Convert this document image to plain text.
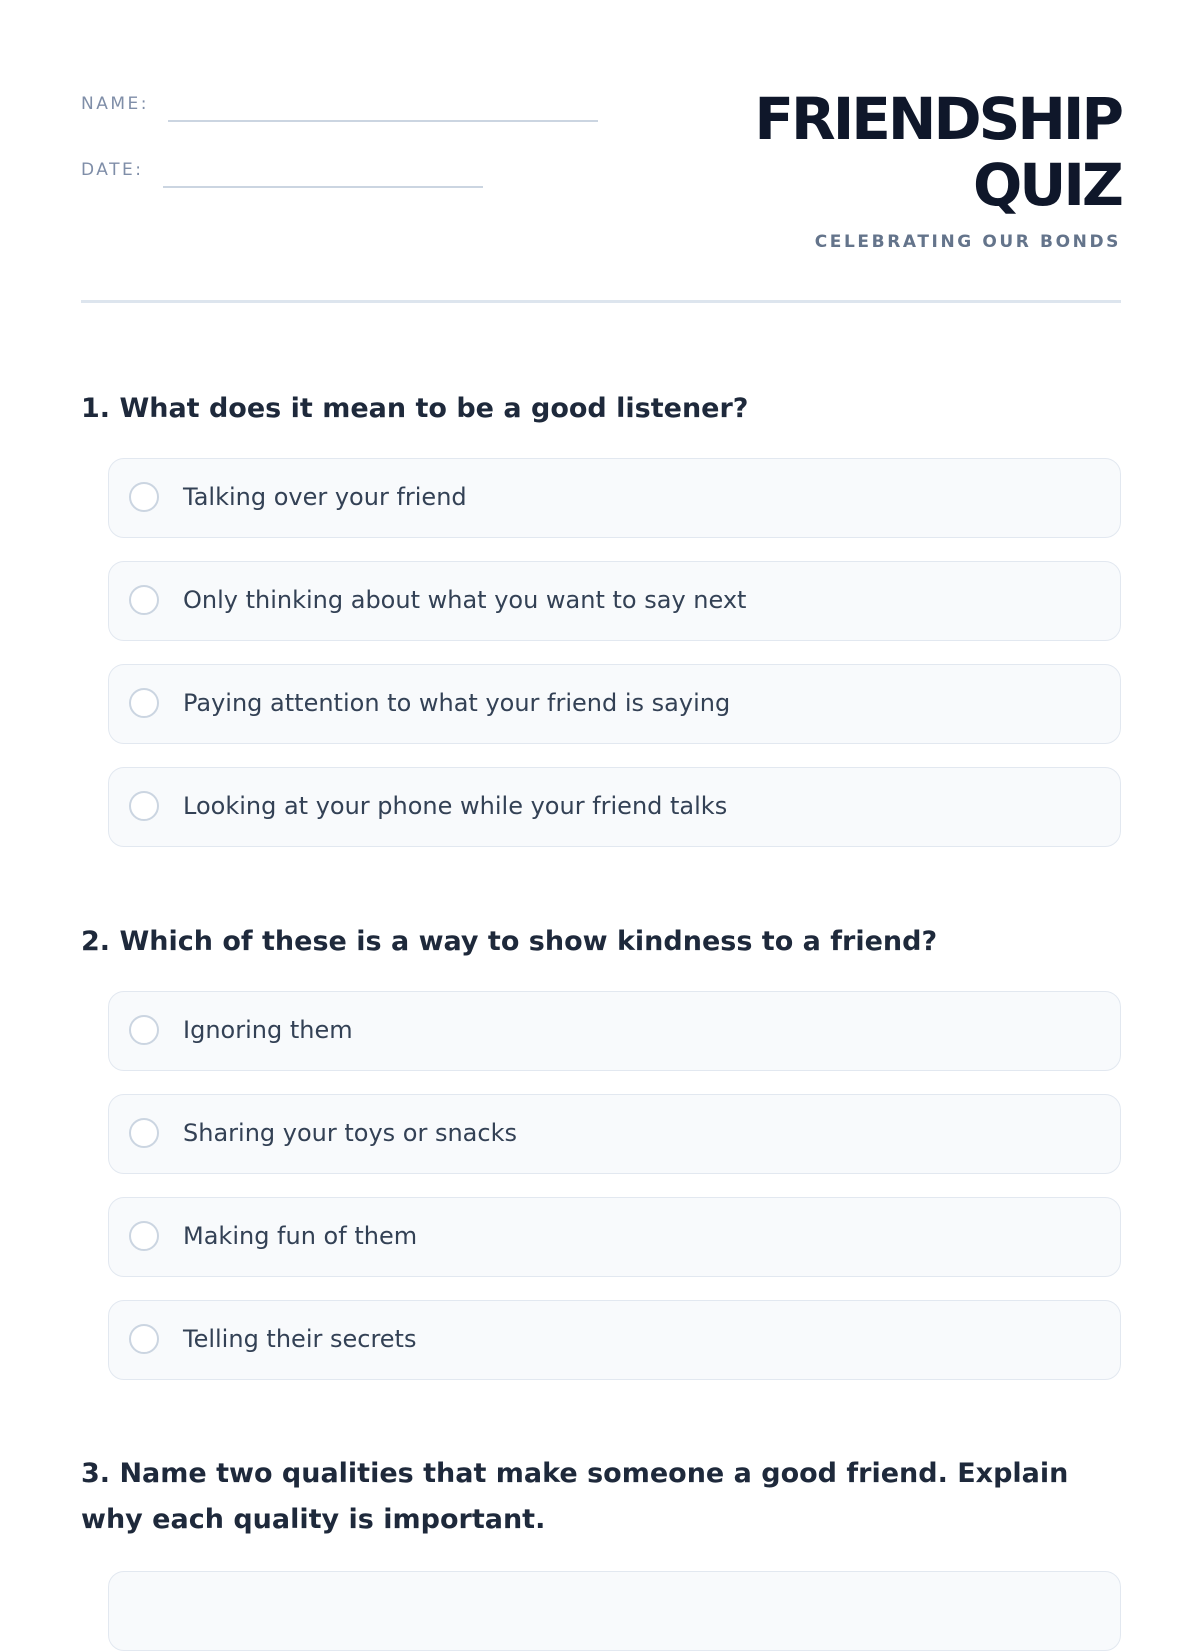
NAME:
DATE:
FRIENDSHIP
QUIZ
CELEBRATING OUR BONDS
1. What does it mean to be a good listener?
Talking over your friend
Only thinking about what you want to say next
Paying attention to what your friend is saying
Looking at your phone while your friend talks
2. Which of these is a way to show kindness to a friend?
Ignoring them
Sharing your toys or snacks
Making fun of them
Telling their secrets
3. Name two qualities that make someone a good friend. Explain why each quality is important.
